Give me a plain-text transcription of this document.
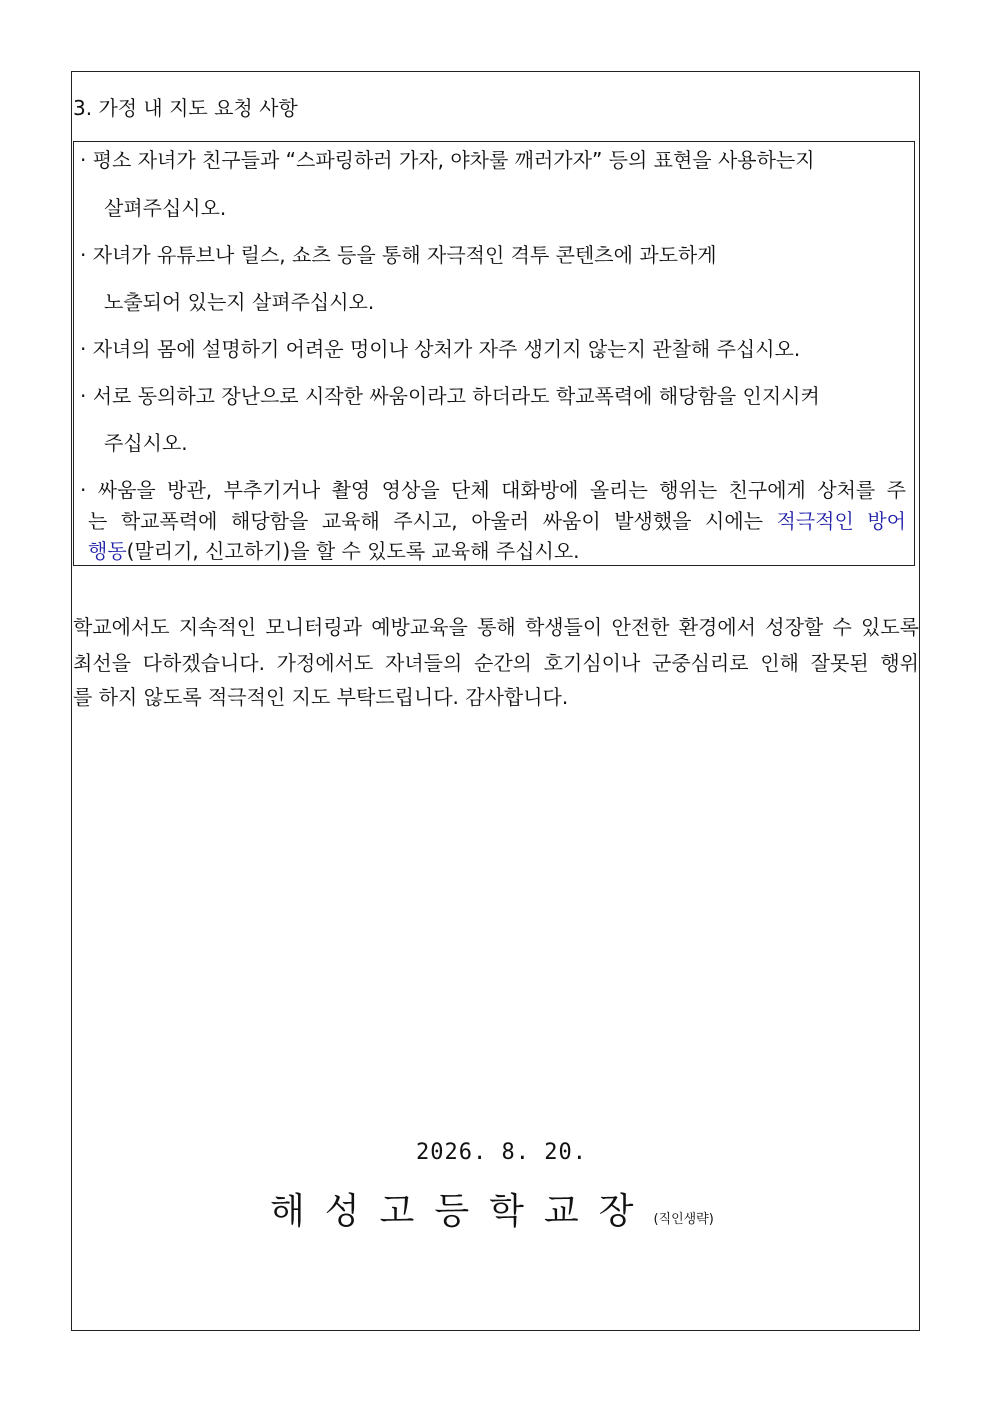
3. 가정 내 지도 요청 사항
· 평소 자녀가 친구들과 “스파링하러 가자, 야차룰 깨러가자” 등의 표현을 사용하는지
살펴주십시오.
· 자녀가 유튜브나 릴스, 쇼츠 등을 통해 자극적인 격투 콘텐츠에 과도하게
노출되어 있는지 살펴주십시오.
· 자녀의 몸에 설명하기 어려운 멍이나 상처가 자주 생기지 않는지 관찰해 주십시오.
· 서로 동의하고 장난으로 시작한 싸움이라고 하더라도 학교폭력에 해당함을 인지시켜
주십시오.
· 싸움을 방관, 부추기거나 촬영 영상을 단체 대화방에 올리는 행위는 친구에게 상처를 주
는 학교폭력에 해당함을 교육해 주시고, 아울러 싸움이 발생했을 시에는 적극적인 방어
행동(말리기, 신고하기)을 할 수 있도록 교육해 주십시오.
학교에서도 지속적인 모니터링과 예방교육을 통해 학생들이 안전한 환경에서 성장할 수 있도록
최선을 다하겠습니다. 가정에서도 자녀들의 순간의 호기심이나 군중심리로 인해 잘못된 행위
를 하지 않도록 적극적인 지도 부탁드립니다. 감사합니다.
2026. 8. 20.
해성고등학교장(직인생략)
